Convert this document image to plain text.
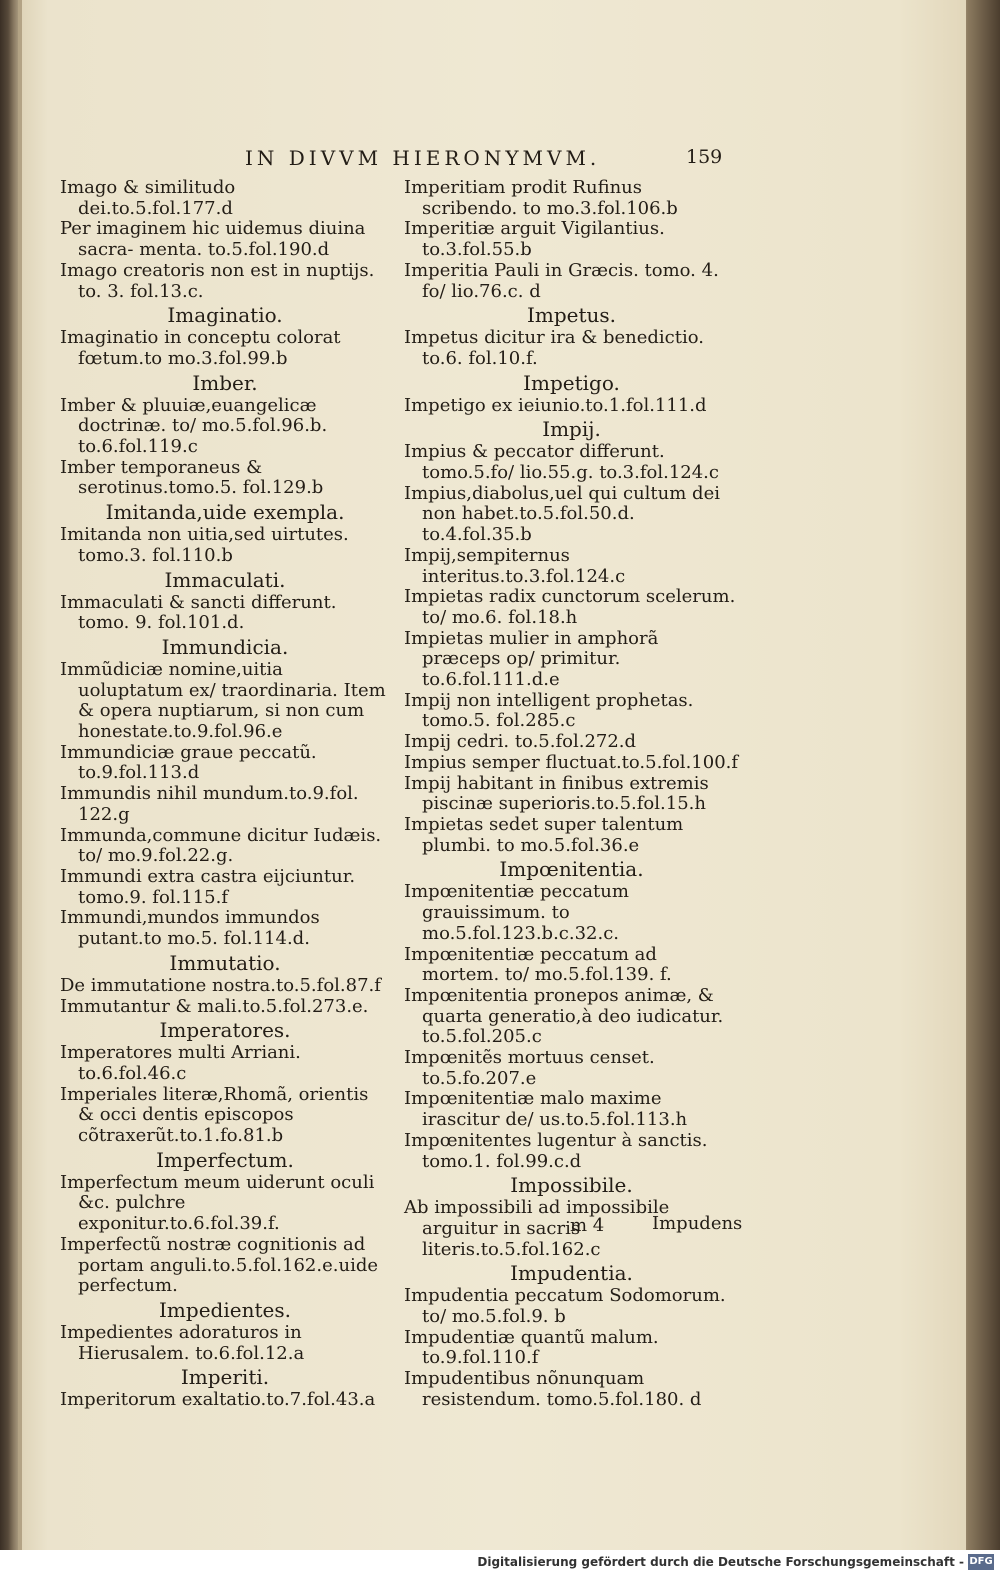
IN DIVVM HIERONYMVM.	159

Imago & similitudo dei.to.5.fol.177.d

Per imaginem hic uidemus diuina sacra- menta. to.5.fol.190.d

Imago creatoris non est in nuptijs. to. 3. fol.13.c.

Imaginatio.

Imaginatio in conceptu colorat fœtum.to mo.3.fol.99.b

Imber.

Imber & pluuiæ,euangelicæ doctrinæ. to/ mo.5.fol.96.b. to.6.fol.119.c

Imber temporaneus & serotinus.tomo.5. fol.129.b

Imitanda,uide exempla.

Imitanda non uitia,sed uirtutes. tomo.3. fol.110.b

Immaculati.

Immaculati & sancti differunt. tomo. 9. fol.101.d.

Immundicia.

Immũdiciæ nomine,uitia uoluptatum ex/ traordinaria. Item & opera nuptiarum, si non cum honestate.to.9.fol.96.e

Immundiciæ graue peccatũ. to.9.fol.113.d

Immundis nihil mundum.to.9.fol. 122.g

Immunda,commune dicitur Iudæis. to/ mo.9.fol.22.g.

Immundi extra castra eijciuntur. tomo.9. fol.115.f

Immundi,mundos immundos putant.to mo.5. fol.114.d.

Immutatio.

De immutatione nostra.to.5.fol.87.f

Immutantur & mali.to.5.fol.273.e.

Imperatores.

Imperatores multi Arriani. to.6.fol.46.c

Imperiales literæ,Rhomã, orientis & occi dentis episcopos cõtraxerũt.to.1.fo.81.b

Imperfectum.

Imperfectum meum uiderunt oculi &c. pulchre exponitur.to.6.fol.39.f.

Imperfectũ nostræ cognitionis ad portam anguli.to.5.fol.162.e.uide perfectum.

Impedientes.

Impedientes adoraturos in Hierusalem. to.6.fol.12.a

Imperiti.

Imperitorum exaltatio.to.7.fol.43.a

Imperitiam prodit Rufinus scribendo. to mo.3.fol.106.b

Imperitiæ arguit Vigilantius. to.3.fol.55.b

Imperitia Pauli in Græcis. tomo. 4. fo/ lio.76.c. d

Impetus.

Impetus dicitur ira & benedictio. to.6. fol.10.f.

Impetigo.

Impetigo ex ieiunio.to.1.fol.111.d

Impij.

Impius & peccator differunt. tomo.5.fo/ lio.55.g. to.3.fol.124.c

Impius,diabolus,uel qui cultum dei non habet.to.5.fol.50.d. to.4.fol.35.b

Impij,sempiternus interitus.to.3.fol.124.c

Impietas radix cunctorum scelerum. to/ mo.6. fol.18.h

Impietas mulier in amphorã præceps op/ primitur. to.6.fol.111.d.e

Impij non intelligent prophetas. tomo.5. fol.285.c

Impij cedri. to.5.fol.272.d

Impius semper fluctuat.to.5.fol.100.f

Impij habitant in finibus extremis piscinæ superioris.to.5.fol.15.h

Impietas sedet super talentum plumbi. to mo.5.fol.36.e

Impœnitentia.

Impœnitentiæ peccatum grauissimum. to mo.5.fol.123.b.c.32.c.

Impœnitentiæ peccatum ad mortem. to/ mo.5.fol.139. f.

Impœnitentia pronepos animæ, & quarta generatio,à deo iudicatur. to.5.fol.205.c

Impœnitẽs mortuus censet. to.5.fo.207.e

Impœnitentiæ malo maxime irascitur de/ us.to.5.fol.113.h

Impœnitentes lugentur à sanctis. tomo.1. fol.99.c.d

Impossibile.

Ab impossibili ad impossibile arguitur in sacris literis.to.5.fol.162.c

Impudentia.

Impudentia peccatum Sodomorum. to/ mo.5.fol.9. b

Impudentiæ quantũ malum. to.9.fol.110.f

Impudentibus nõnunquam resistendum. tomo.5.fol.180. d

m 4	Impudens
Digitalisierung gefördert durch die Deutsche Forschungsgemeinschaft - DFG
